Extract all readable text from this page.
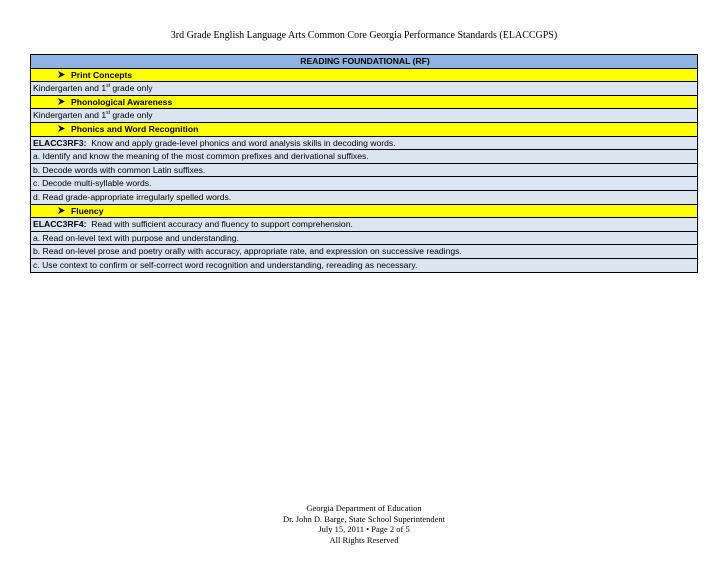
3rd Grade English Language Arts Common Core Georgia Performance Standards (ELACCGPS)
READING FOUNDATIONAL (RF)
Print Concepts
Kindergarten and 1st grade only
Phonological Awareness
Kindergarten and 1st grade only
Phonics and Word Recognition
ELACC3RF3:  Know and apply grade-level phonics and word analysis skills in decoding words.
a. Identify and know the meaning of the most common prefixes and derivational suffixes.
b. Decode words with common Latin suffixes.
c. Decode multi-syllable words.
d. Read grade-appropriate irregularly spelled words.
Fluency
ELACC3RF4:  Read with sufficient accuracy and fluency to support comprehension.
a. Read on-level text with purpose and understanding.
b. Read on-level prose and poetry orally with accuracy, appropriate rate, and expression on successive readings.
c. Use context to confirm or self-correct word recognition and understanding, rereading as necessary.
Georgia Department of Education
Dr. John D. Barge, State School Superintendent
July 15, 2011 • Page 2 of 5
All Rights Reserved
